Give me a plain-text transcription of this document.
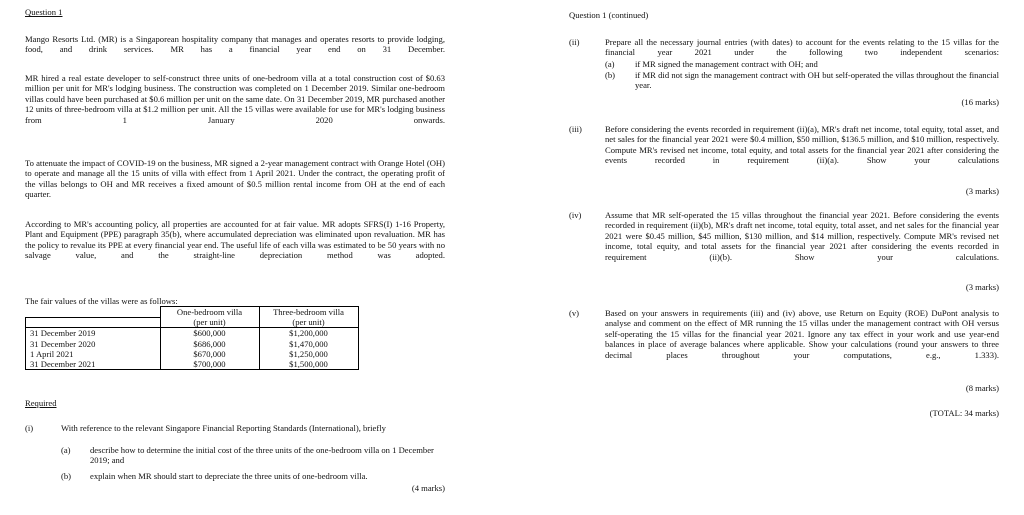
Question 1

Mango Resorts Ltd. (MR) is a Singaporean hospitality company that manages and operates resorts to provide lodging, food, and drink services. MR has a financial year end on 31 December.

MR hired a real estate developer to self-construct three units of one-bedroom villa at a total construction cost of $0.63 million per unit for MR's lodging business. The construction was completed on 1 December 2019. Similar one-bedroom villas could have been purchased at $0.6 million per unit on the same date. On 31 December 2019, MR purchased another 12 units of three-bedroom villa at $1.2 million per unit. All the 15 villas were available for use for MR's lodging business from 1 January 2020 onwards.

To attenuate the impact of COVID-19 on the business, MR signed a 2-year management contract with Orange Hotel (OH) to operate and manage all the 15 units of villa with effect from 1 April 2021. Under the contract, the operating profit of the villas belongs to OH and MR receives a fixed amount of $0.5 million rental income from OH at the end of each quarter.

According to MR's accounting policy, all properties are accounted for at fair value. MR adopts SFRS(I) 1-16 Property, Plant and Equipment (PPE) paragraph 35(b), where accumulated depreciation was eliminated upon revaluation. MR has the policy to revalue its PPE at every financial year end. The useful life of each villa was estimated to be 50 years with no salvage value, and the straight-line depreciation method was adopted.

The fair values of the villas were as follows:
	One-bedroom villa	Three-bedroom villa
	(per unit)	(per unit)
31 December 2019	$600,000	$1,200,000
31 December 2020	$686,000	$1,470,000
1 April 2021	$670,000	$1,250,000
31 December 2021	$700,000	$1,500,000
Required
(i)	With reference to the relevant Singapore Financial Reporting Standards (International), briefly

(a) describe how to determine the initial cost of the three units of the one-bedroom villa on 1 December 2019; and

(b) explain when MR should start to depreciate the three units of one-bedroom villa.

(4 marks)
Question 1 (continued)
(ii)	Prepare all the necessary journal entries (with dates) to account for the events relating to the 15 villas for the financial year 2021 under the following two independent scenarios:

(a) if MR signed the management contract with OH; and

(b) if MR did not sign the management contract with OH but self-operated the villas throughout the financial year.

(16 marks)
(iii)	Before considering the events recorded in requirement (ii)(a), MR's draft net income, total equity, total asset, and net sales for the financial year 2021 were $0.4 million, $50 million, $136.5 million, and $10 million, respectively. Compute MR's revised net income, total equity, and total assets for the financial year 2021 after considering the events recorded in requirement (ii)(a). Show your calculations

(3 marks)
(iv)	Assume that MR self-operated the 15 villas throughout the financial year 2021. Before considering the events recorded in requirement (ii)(b), MR's draft net income, total equity, total asset, and net sales for the financial year 2021 were $0.45 million, $45 million, $130 million, and $14 million, respectively. Compute MR's revised net income, total equity, and total assets for the financial year 2021 after considering the events recorded in requirement (ii)(b). Show your calculations.

(3 marks)
(v)	Based on your answers in requirements (iii) and (iv) above, use Return on Equity (ROE) DuPont analysis to analyse and comment on the effect of MR running the 15 villas under the management contract with OH versus self-operating the 15 villas for the financial year 2021. Ignore any tax effect in your work and use year-end balances in place of average balances where applicable. Show your calculations (round your answers to three decimal places throughout your computations, e.g., 1.333).

(8 marks)
(TOTAL: 34 marks)
